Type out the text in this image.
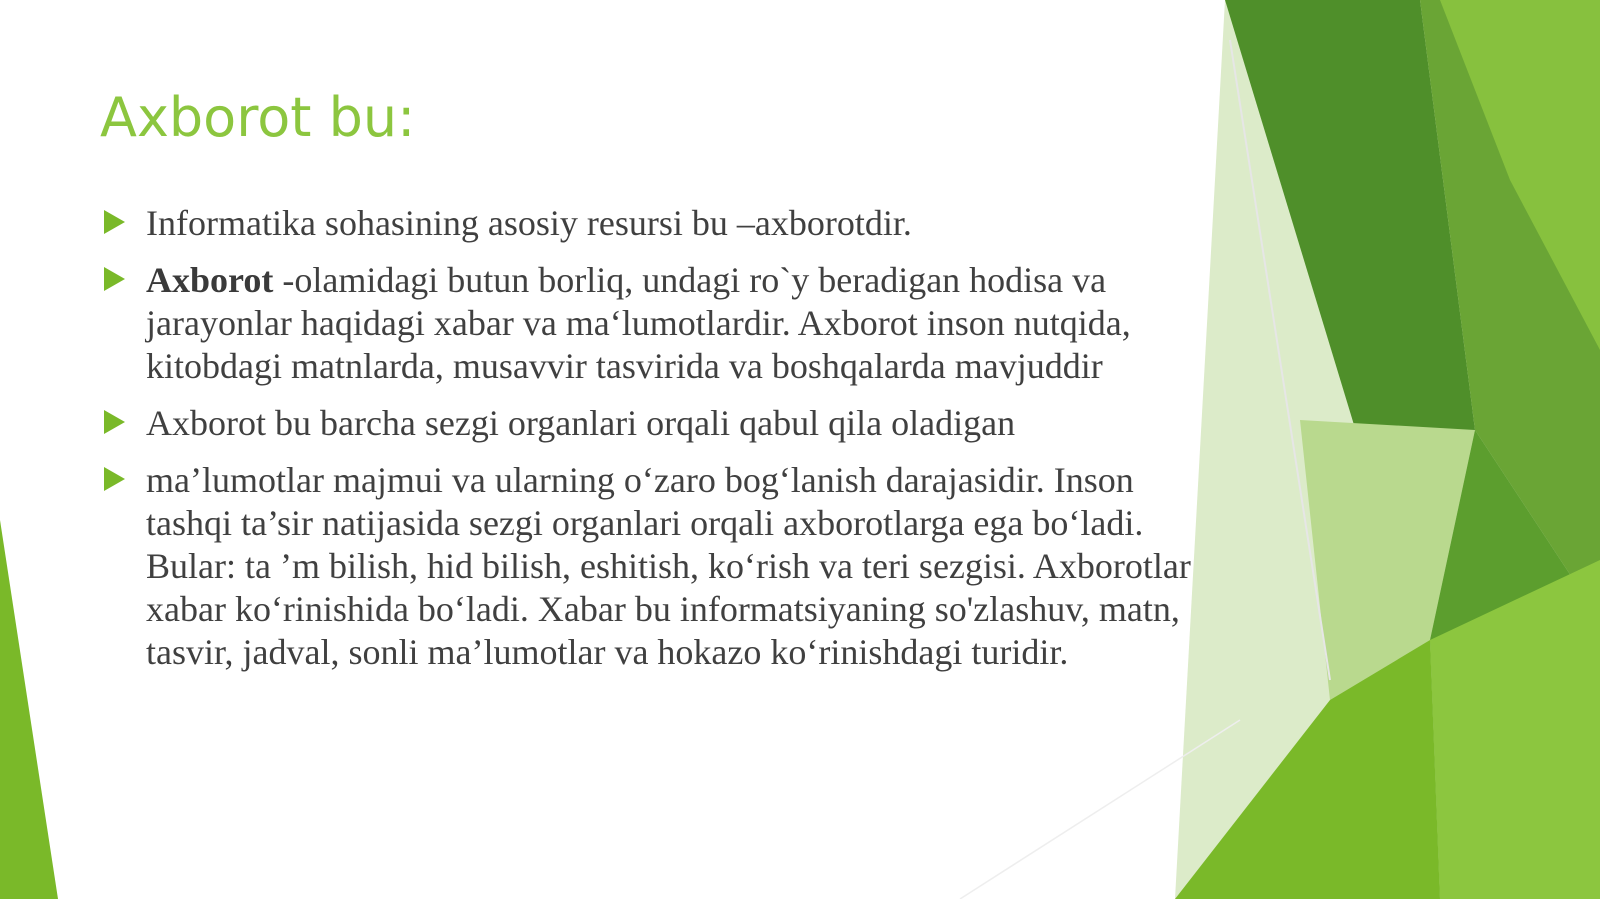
Axborot bu:
Informatika sohasining asosiy resursi bu –axborotdir.
Axborot -olamidagi butun borliq, undagi ro`y beradigan hodisa va jarayonlar haqidagi xabar va ma‘lumotlardir. Axborot inson nutqida, kitobdagi matnlarda, musavvir tasvirida va boshqalarda mavjuddir
Axborot bu barcha sezgi organlari orqali qabul qila oladigan
ma’lumotlar majmui va ularning o‘zaro bog‘lanish darajasidir. Inson tashqi ta’sir natijasida sezgi organlari orqali axborotlarga ega bo‘ladi. Bular: ta ’m bilish, hid bilish, eshitish, ko‘rish va teri sezgisi. Axborotlar xabar ko‘rinishida bo‘ladi. Xabar bu informatsiyaning so'zlashuv, matn, tasvir, jadval, sonli ma’lumotlar va hokazo ko‘rinishdagi turidir.
